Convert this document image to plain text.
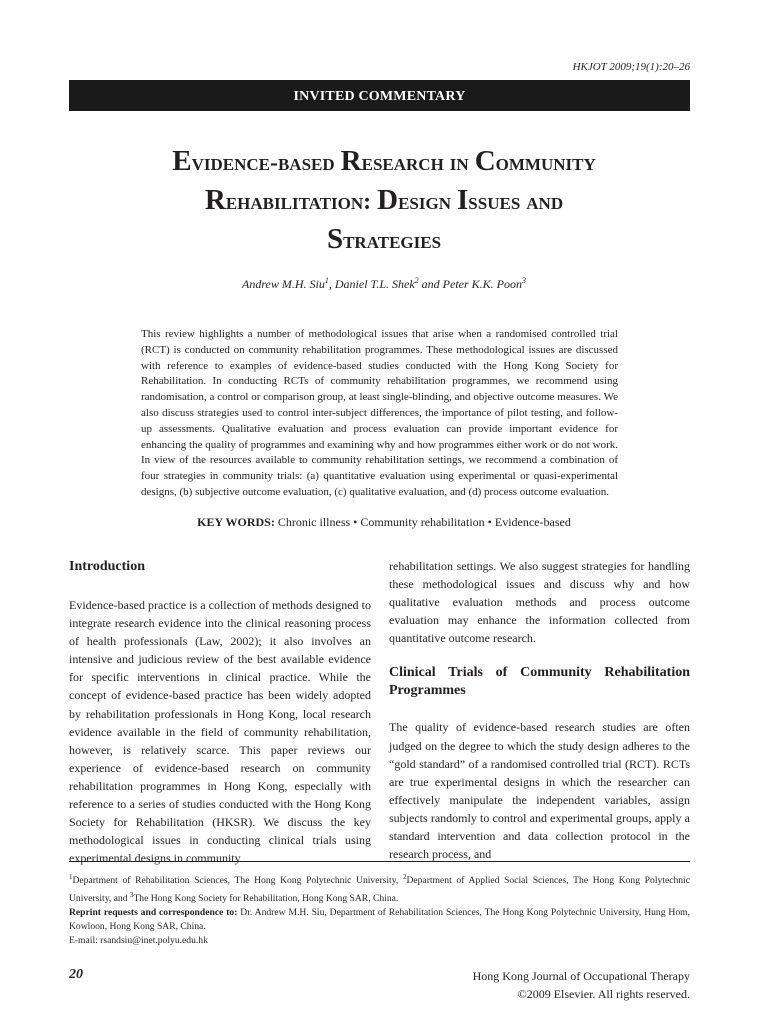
HKJOT 2009;19(1):20–26
INVITED COMMENTARY
Evidence-based Research in Community
Rehabilitation: Design Issues and
Strategies
Andrew M.H. Siu$^1$, Daniel T.L. Shek$^2$ and Peter K.K. Poon$^3$
This review highlights a number of methodological issues that arise when a randomised controlled trial (RCT) is conducted on community rehabilitation programmes. These methodological issues are discussed with reference to examples of evidence-based studies conducted with the Hong Kong Society for Rehabilitation. In conducting RCTs of community rehabilitation programmes, we recommend using randomisation, a control or comparison group, at least single-blinding, and objective outcome measures. We also discuss strategies used to control inter-subject differences, the importance of pilot testing, and follow-up assessments. Qualitative evaluation and process evaluation can provide important evidence for enhancing the quality of programmes and examining why and how programmes either work or do not work. In view of the resources available to community rehabilitation settings, we recommend a combination of four strategies in community trials: (a) quantitative evaluation using experimental or quasi-experimental designs, (b) subjective outcome evaluation, (c) qualitative evaluation, and (d) process outcome evaluation.
KEY WORDS: Chronic illness • Community rehabilitation • Evidence-based
Introduction
Evidence-based practice is a collection of methods designed to integrate research evidence into the clinical reasoning process of health professionals (Law, 2002); it also involves an intensive and judicious review of the best available evidence for specific interventions in clinical practice. While the concept of evidence-based practice has been widely adopted by rehabilitation professionals in Hong Kong, local research evidence available in the field of community rehabilitation, however, is relatively scarce. This paper reviews our experience of evidence-based research on community rehabilitation programmes in Hong Kong, especially with reference to a series of studies conducted with the Hong Kong Society for Rehabilitation (HKSR). We discuss the key methodological issues in conducting clinical trials using experimental designs in community
rehabilitation settings. We also suggest strategies for handling these methodological issues and discuss why and how qualitative evaluation methods and process outcome evaluation may enhance the information collected from quantitative outcome research.
Clinical Trials of Community Rehabilitation Programmes
The quality of evidence-based research studies are often judged on the degree to which the study design adheres to the “gold standard” of a randomised controlled trial (RCT). RCTs are true experimental designs in which the researcher can effectively manipulate the independent variables, assign subjects randomly to control and experimental groups, apply a standard intervention and data collection protocol in the research process, and
$^1$Department of Rehabilitation Sciences, The Hong Kong Polytechnic University, $^2$Department of Applied Social Sciences, The Hong Kong Polytechnic University, and $^3$The Hong Kong Society for Rehabilitation, Hong Kong SAR, China.
Reprint requests and correspondence to: Dr. Andrew M.H. Siu, Department of Rehabilitation Sciences, The Hong Kong Polytechnic University, Hung Hom, Kowloon, Hong Kong SAR, China.
E-mail: rsandsiu@inet.polyu.edu.hk
20	Hong Kong Journal of Occupational Therapy
©2009 Elsevier. All rights reserved.
